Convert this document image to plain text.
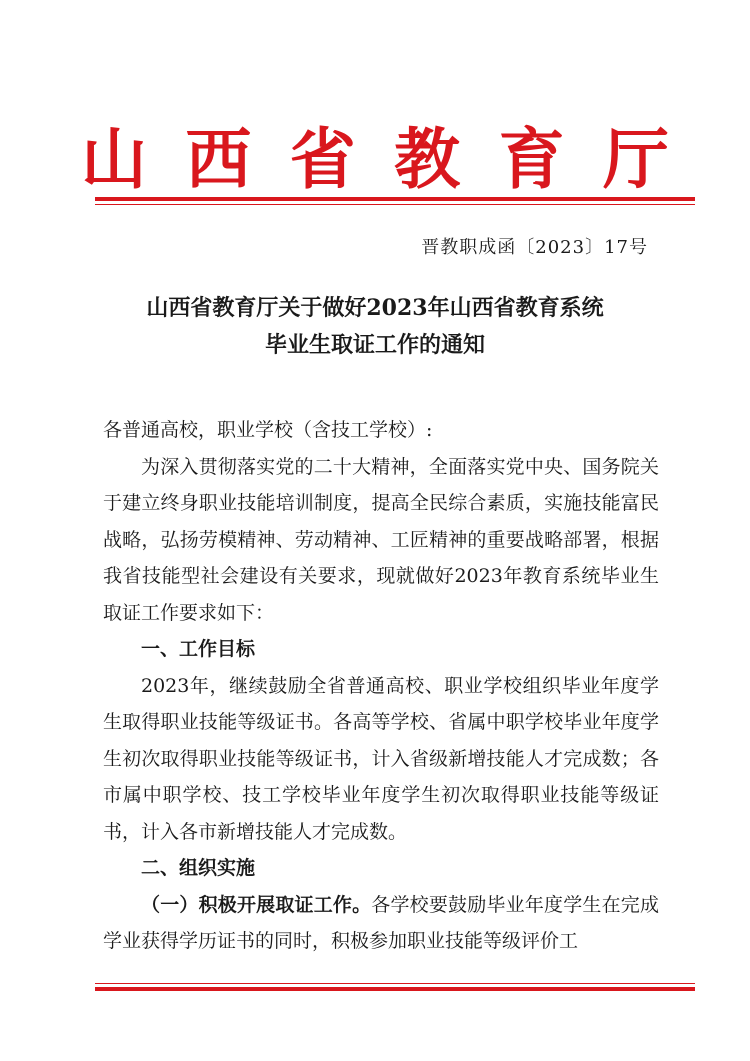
山 西 省 教 育 厅
晋教职成函〔2023〕17号
山西省教育厅关于做好2023年山西省教育系统
毕业生取证工作的通知

各普通高校，职业学校（含技工学校）:

为深入贯彻落实党的二十大精神，全面落实党中央、国务院关于建立终身职业技能培训制度，提高全民综合素质，实施技能富民战略，弘扬劳模精神、劳动精神、工匠精神的重要战略部署，根据我省技能型社会建设有关要求，现就做好2023年教育系统毕业生取证工作要求如下：

一、工作目标

2023年，继续鼓励全省普通高校、职业学校组织毕业年度学生取得职业技能等级证书。各高等学校、省属中职学校毕业年度学生初次取得职业技能等级证书，计入省级新增技能人才完成数；各市属中职学校、技工学校毕业年度学生初次取得职业技能等级证书，计入各市新增技能人才完成数。

二、组织实施

（一）积极开展取证工作。各学校要鼓励毕业年度学生在完成学业获得学历证书的同时，积极参加职业技能等级评价工
